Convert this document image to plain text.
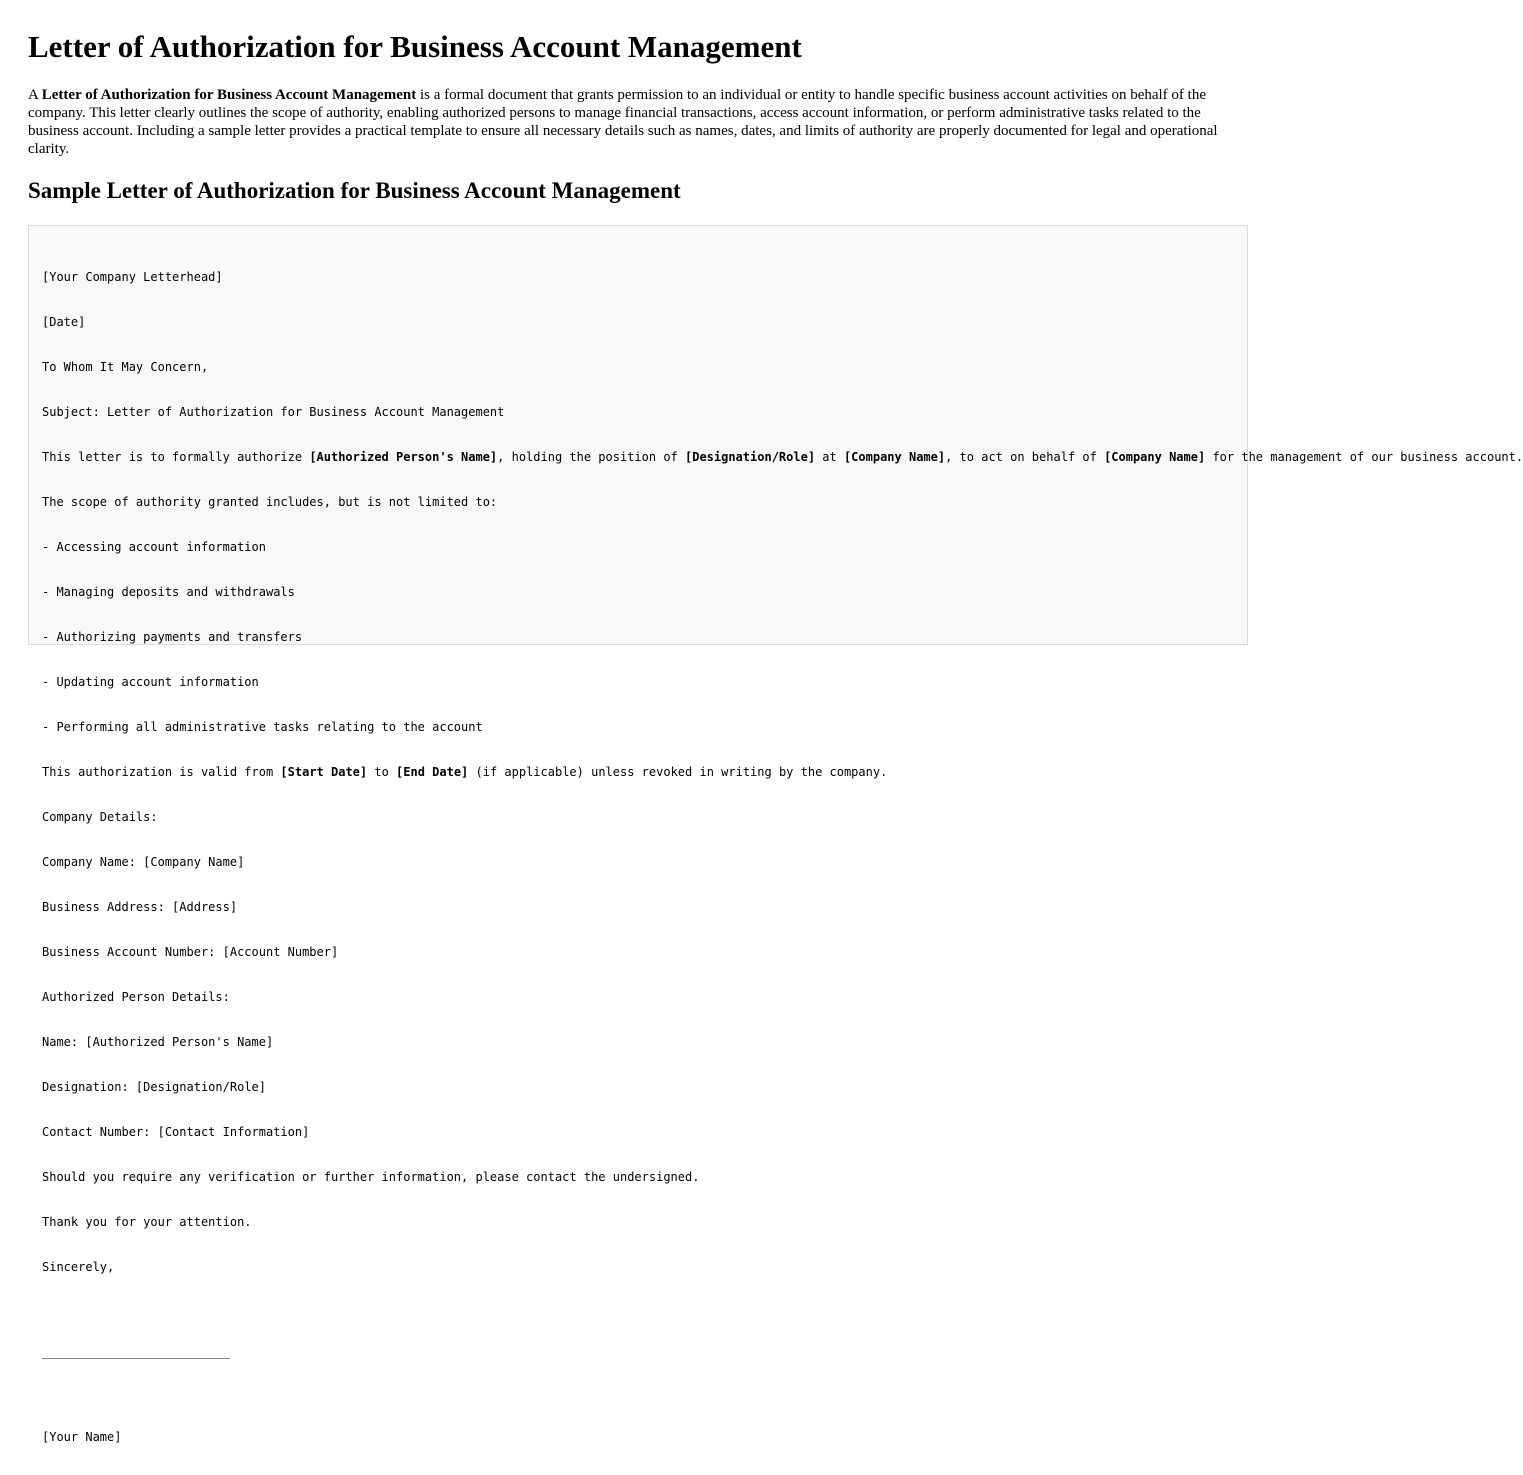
Letter of Authorization for Business Account Management

A Letter of Authorization for Business Account Management is a formal document that grants permission to an individual or entity to handle specific business account activities on behalf of the company. This letter clearly outlines the scope of authority, enabling authorized persons to manage financial transactions, access account information, or perform administrative tasks related to the business account. Including a sample letter provides a practical template to ensure all necessary details such as names, dates, and limits of authority are properly documented for legal and operational clarity.

Sample Letter of Authorization for Business Account Management

[Your Company Letterhead]

[Date]

To Whom It May Concern,

Subject: Letter of Authorization for Business Account Management

This letter is to formally authorize [Authorized Person's Name], holding the position of [Designation/Role] at [Company Name], to act on behalf of [Company Name] for the management of our business account.

The scope of authority granted includes, but is not limited to:

- Accessing account information

- Managing deposits and withdrawals

- Authorizing payments and transfers

- Updating account information

- Performing all administrative tasks relating to the account

This authorization is valid from [Start Date] to [End Date] (if applicable) unless revoked in writing by the company.

Company Details:

Company Name: [Company Name]

Business Address: [Address]

Business Account Number: [Account Number]

Authorized Person Details:

Name: [Authorized Person's Name]

Designation: [Designation/Role]

Contact Number: [Contact Information]

Should you require any verification or further information, please contact the undersigned.

Thank you for your attention.

Sincerely,

__________________________

[Your Name]
